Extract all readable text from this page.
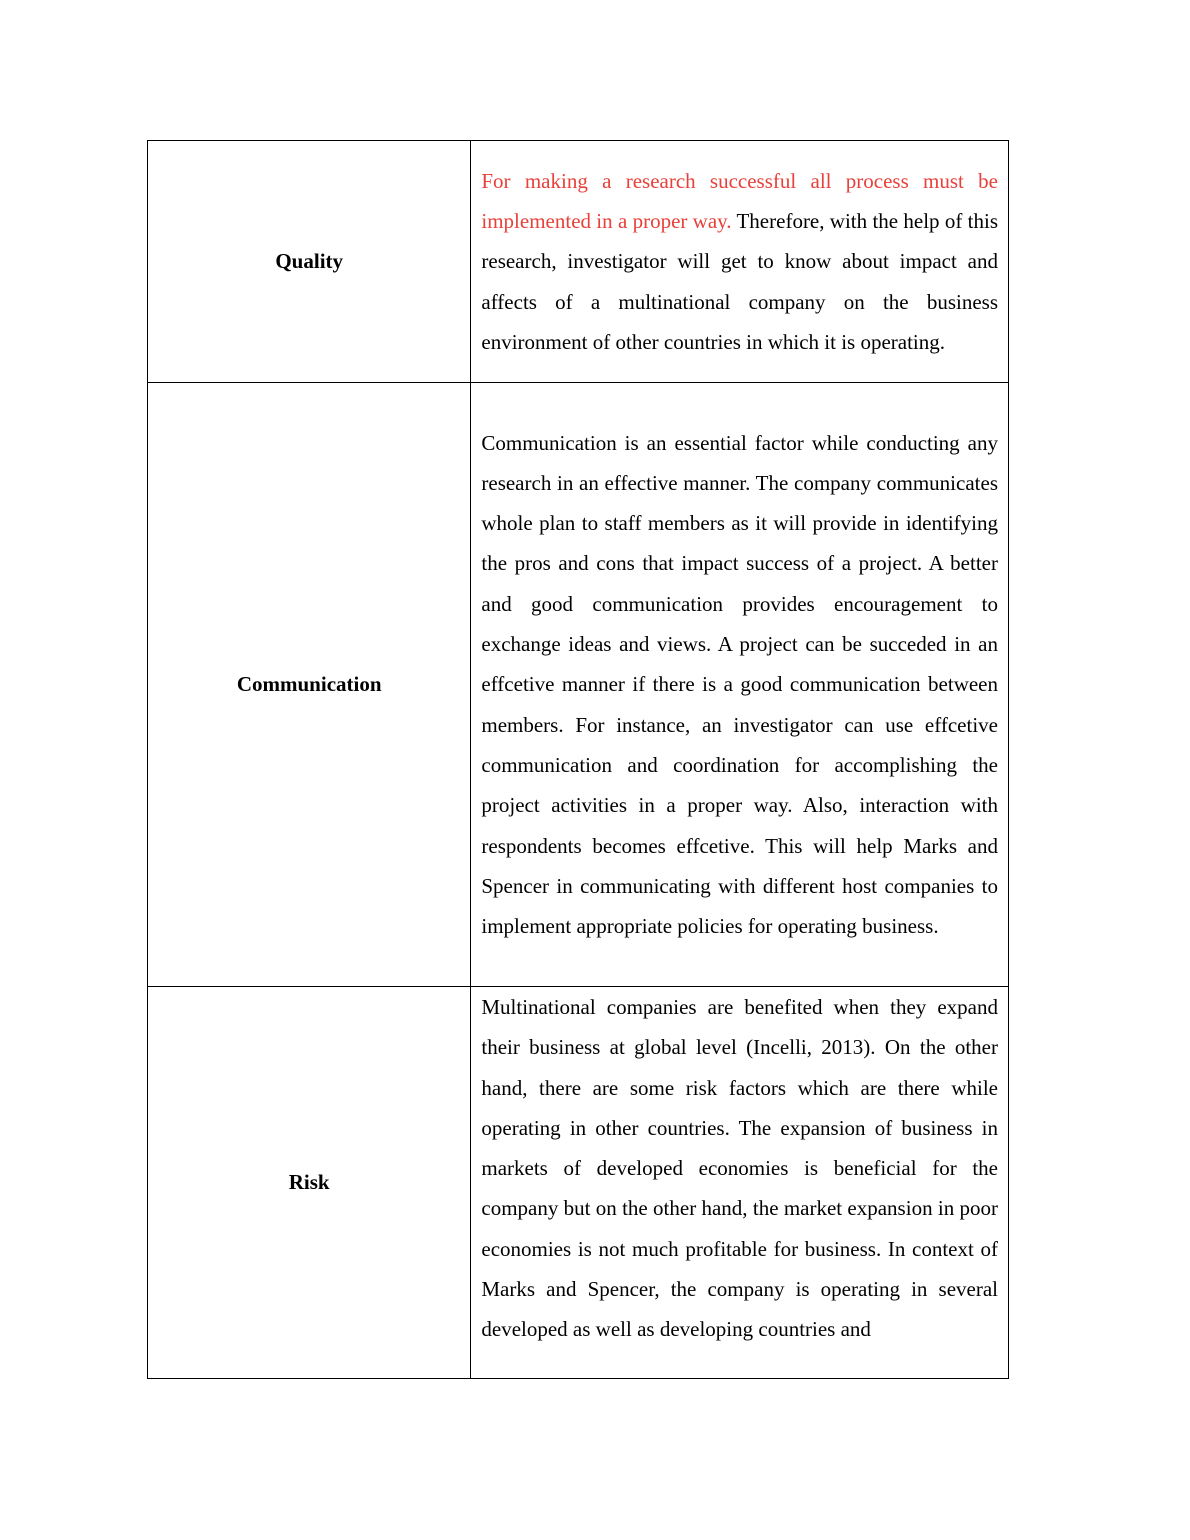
Quality	For making a research successful all process must be implemented in a proper way. Therefore, with the help of this research, investigator will get to know about impact and affects of a multinational company on the business environment of other countries in which it is operating.

Communication	Communication is an essential factor while conducting any research in an effective manner. The company communicates whole plan to staff members as it will provide in identifying the pros and cons that impact success of a project. A better and good communication provides encouragement to exchange ideas and views. A project can be succeded in an effcetive manner if there is a good communication between members. For instance, an investigator can use effcetive communication and coordination for accomplishing the project activities in a proper way. Also, interaction with respondents becomes effcetive. This will help Marks and Spencer in communicating with different host companies to implement appropriate policies for operating business.

Risk	Multinational companies are benefited when they expand their business at global level (Incelli, 2013). On the other hand, there are some risk factors which are there while operating in other countries. The expansion of business in markets of developed economies is beneficial for the company but on the other hand, the market expansion in poor economies is not much profitable for business. In context of Marks and Spencer, the company is operating in several developed as well as developing countries and
